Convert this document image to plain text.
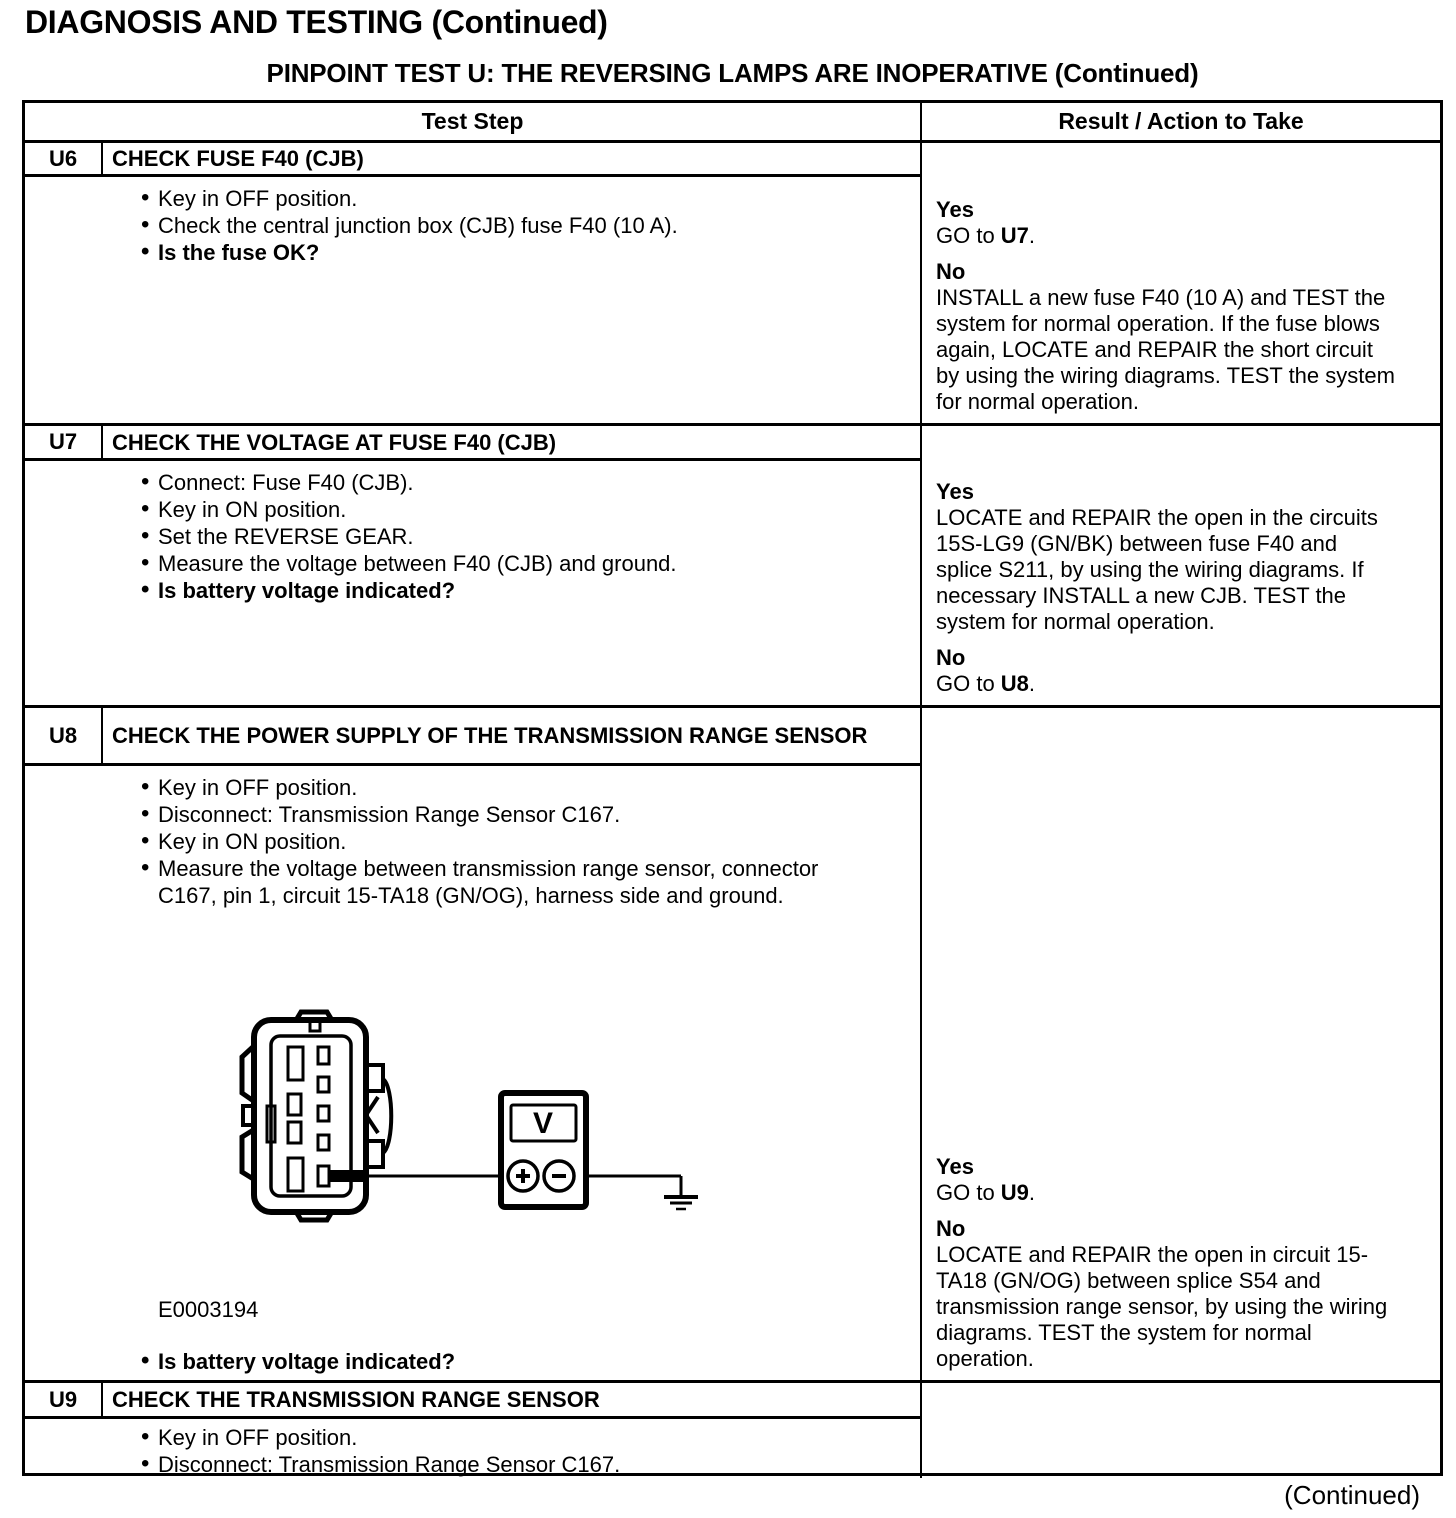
DIAGNOSIS AND TESTING (Continued)
PINPOINT TEST U: THE REVERSING LAMPS ARE INOPERATIVE (Continued)
Test Step	Result / Action to Take
U6	CHECK FUSE F40 (CJB)
• Key in OFF position.
• Check the central junction box (CJB) fuse F40 (10 A).
• Is the fuse OK?
Yes
GO to U7.
No
INSTALL a new fuse F40 (10 A) and TEST the system for normal operation. If the fuse blows again, LOCATE and REPAIR the short circuit by using the wiring diagrams. TEST the system for normal operation.
U7	CHECK THE VOLTAGE AT FUSE F40 (CJB)
• Connect: Fuse F40 (CJB).
• Key in ON position.
• Set the REVERSE GEAR.
• Measure the voltage between F40 (CJB) and ground.
• Is battery voltage indicated?
Yes
LOCATE and REPAIR the open in the circuits 15S-LG9 (GN/BK) between fuse F40 and splice S211, by using the wiring diagrams. If necessary INSTALL a new CJB. TEST the system for normal operation.
No
GO to U8.
U8	CHECK THE POWER SUPPLY OF THE TRANSMISSION RANGE SENSOR
• Key in OFF position.
• Disconnect: Transmission Range Sensor C167.
• Key in ON position.
• Measure the voltage between transmission range sensor, connector C167, pin 1, circuit 15-TA18 (GN/OG), harness side and ground.
V
E0003194
• Is battery voltage indicated?
Yes
GO to U9.
No
LOCATE and REPAIR the open in circuit 15-TA18 (GN/OG) between splice S54 and transmission range sensor, by using the wiring diagrams. TEST the system for normal operation.
U9	CHECK THE TRANSMISSION RANGE SENSOR
• Key in OFF position.
• Disconnect: Transmission Range Sensor C167.
(Continued)
